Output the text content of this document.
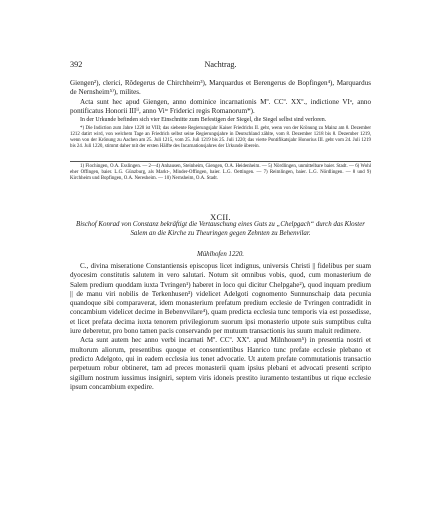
392	Nachtrag.

Giengen²), clerici, Rǒdegerus de Chirchheim³), Marquardus et Berengerus de Bopfingen⁴), Marquardus de Nernsheim⁵⁾), milites.

Acta sunt hec apud Giengen, anno dominice incarnationis Mº. CCº. XXº., indictione VIᵃ, anno pontificatus Honorii IIIⁱⁱ, anno Viᵗᵒ Friderici regis Romanorum*).

In der Urkunde befinden sich vier Einschnitte zum Befestigen der Siegel, die Siegel selbst sind verloren.

*) Die Indiction zum Jahre 1220 ist VIII; das siebente Regierungsjahr Kaiser Friedrichs II. geht, wenn von der Krönung zu Mainz am 8. Dezember 1212 datirt wird, von welchem Tage an Friedrich selbst seine Regierungsjahre in Deutschland zählte, vom 8. Dezember 1218 bis 8. Dezember 1219, wenn von der Krönung zu Aachen am 25. Juli 1215, vom 25. Juli 1219 bis 25. Juli 1220; das vierte Pontifikatsjahr Honorius III. geht vom 24. Juli 1219 bis 24. Juli 1220, stimmt daher mit der ersten Hälfte des Incarnationsjahres der Urkunde überein.

1) Flochingen, O.A. Esslingen. — 2—4) Anhausen, Steinheim, Giengen, O.A. Heidenheim. — 5) Nördlingen, unmittelbare baier. Stadt. — 6) Wohl eher Offingen, baier. L.G. Günzburg, als Markt-, Minder-Offingen, baier. L.G. Oettingen. — 7) Reimlingen, baier. L.G. Nördlingen. — 8 und 9) Kirchheim und Bopfingen, O.A. Neresheim. — 10) Nernsheim, O.A. Stadt.

XCII.
Bischof Konrad von Constanz bekräftigt die Vertauschung eines Guts zu „Chelpgach“ durch das Kloster Salem an die Kirche zu Theuringen gegen Zehnten zu Behenvilar.
Mühlhofen 1220.

C., divina miseratione Constantiensis episcopus licet indignus, universis Christi || fidelibus per suam dyocesim constitutis salutem in vero salutari. Notum sit omnibus vobis, quod, cum monasterium de Salem predium quoddam iuxta Tvringen¹) haberet in loco qui dicitur Chelpgahe²), quod inquam predium || de manu viri nobilis de Terkenhusen³) videlicet Adelgoti cognomento Sunnunschaip data pecunia quandoque sibi comparaverat, idem monasterium prefatum predium ecclesie de Tvringen contradidit in concambium videlicet decime in Bebenvvilare⁴), quam predicta ecclesia tunc temporis via est possedisse, et licet prefata decima iuxta tenorem privilegiorum suorum ipsi monasterio utpote suis sumptibus culta iure deberetur, pro bono tamen pacis conservando per mutuum transactionis ius suum maluit redimere.

Acta sunt autem hec anno verbi incarnati Mº. CCº. XXº. apud Milnhouen⁵) in presentia nostri et multorum aliorum, presentibus quoque et consentientibus Hanrico tunc prefate ecclesie plebano et predicto Adelgoto, qui in eadem ecclesia ius tenet advocatie. Ut autem prefate commutationis transactio perpetuum robur obtineret, tam ad preces monasterii quam ipsius plebani et advocati presenti scripto sigillum nostrum iussimus insigniri, septem viris idoneis prestito iuramento testantibus ut rique ecclesie ipsum concambium expedire.
